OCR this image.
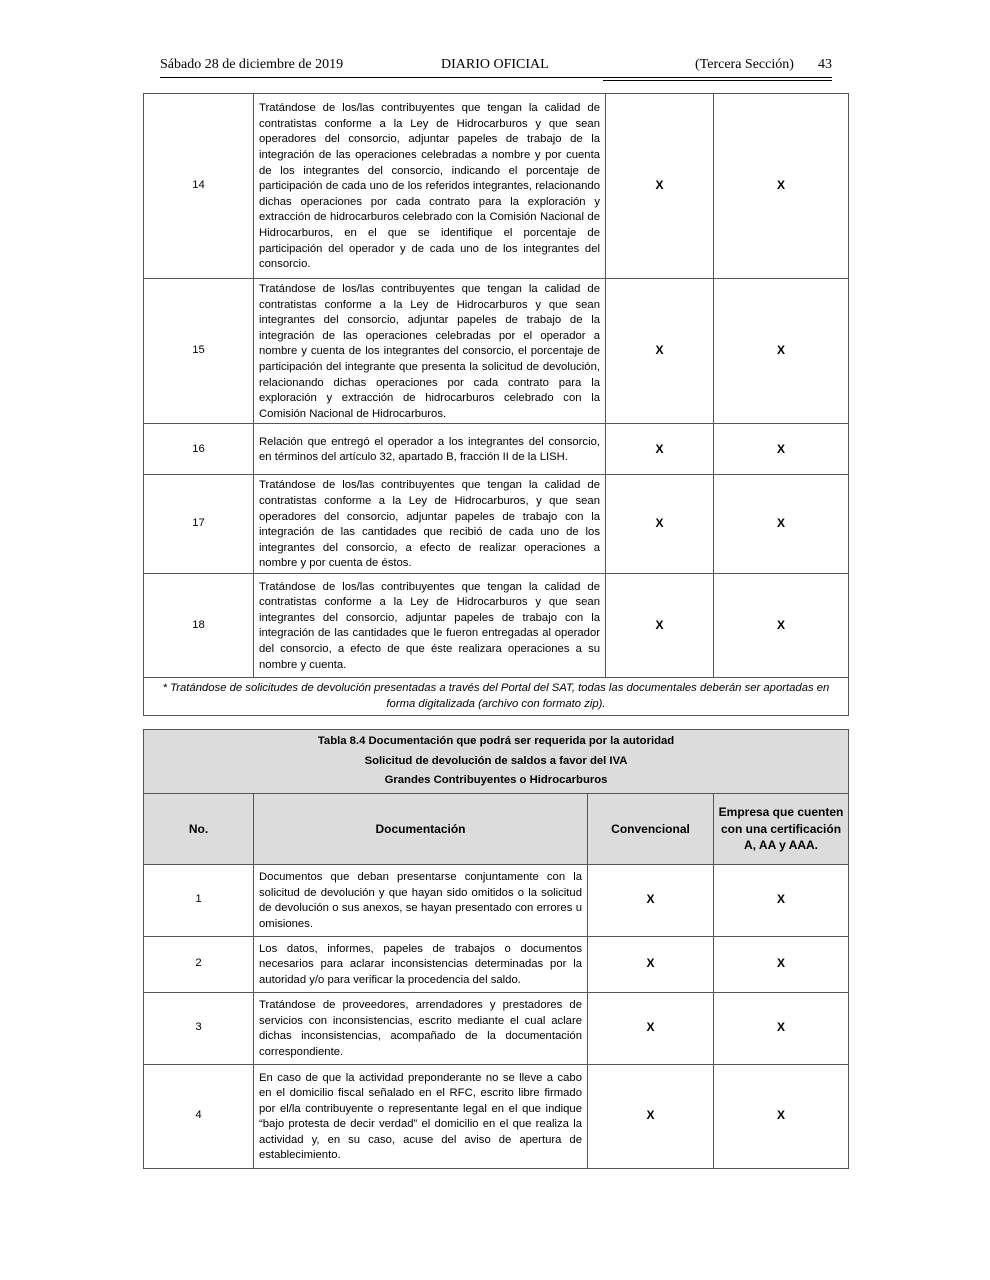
Sábado 28 de diciembre de 2019	DIARIO OFICIAL	(Tercera Sección) 43
14	Tratándose de los/las contribuyentes que tengan la calidad de contratistas conforme a la Ley de Hidrocarburos y que sean operadores del consorcio, adjuntar papeles de trabajo de la integración de las operaciones celebradas a nombre y por cuenta de los integrantes del consorcio, indicando el porcentaje de participación de cada uno de los referidos integrantes, relacionando dichas operaciones por cada contrato para la exploración y extracción de hidrocarburos celebrado con la Comisión Nacional de Hidrocarburos, en el que se identifique el porcentaje de participación del operador y de cada uno de los integrantes del consorcio.	X	X
15	Tratándose de los/las contribuyentes que tengan la calidad de contratistas conforme a la Ley de Hidrocarburos y que sean integrantes del consorcio, adjuntar papeles de trabajo de la integración de las operaciones celebradas por el operador a nombre y cuenta de los integrantes del consorcio, el porcentaje de participación del integrante que presenta la solicitud de devolución, relacionando dichas operaciones por cada contrato para la exploración y extracción de hidrocarburos celebrado con la Comisión Nacional de Hidrocarburos.	X	X
16	Relación que entregó el operador a los integrantes del consorcio, en términos del artículo 32, apartado B, fracción II de la LISH.	X	X
17	Tratándose de los/las contribuyentes que tengan la calidad de contratistas conforme a la Ley de Hidrocarburos, y que sean operadores del consorcio, adjuntar papeles de trabajo con la integración de las cantidades que recibió de cada uno de los integrantes del consorcio, a efecto de realizar operaciones a nombre y por cuenta de éstos.	X	X
18	Tratándose de los/las contribuyentes que tengan la calidad de contratistas conforme a la Ley de Hidrocarburos y que sean integrantes del consorcio, adjuntar papeles de trabajo con la integración de las cantidades que le fueron entregadas al operador del consorcio, a efecto de que éste realizara operaciones a su nombre y cuenta.	X	X
* Tratándose de solicitudes de devolución presentadas a través del Portal del SAT, todas las documentales deberán ser aportadas en forma digitalizada (archivo con formato zip).			
Tabla 8.4 Documentación que podrá ser requerida por la autoridad
Solicitud de devolución de saldos a favor del IVA
Grandes Contribuyentes o Hidrocarburos			

No.	Documentación	Convencional	Empresa que cuenten con una certificación A, AA y AAA.
1	Documentos que deban presentarse conjuntamente con la solicitud de devolución y que hayan sido omitidos o la solicitud de devolución o sus anexos, se hayan presentado con errores u omisiones.	X	X
2	Los datos, informes, papeles de trabajos o documentos necesarios para aclarar inconsistencias determinadas por la autoridad y/o para verificar la procedencia del saldo.	X	X
3	Tratándose de proveedores, arrendadores y prestadores de servicios con inconsistencias, escrito mediante el cual aclare dichas inconsistencias, acompañado de la documentación correspondiente.	X	X
4	En caso de que la actividad preponderante no se lleve a cabo en el domicilio fiscal señalado en el RFC, escrito libre firmado por el/la contribuyente o representante legal en el que indique “bajo protesta de decir verdad” el domicilio en el que realiza la actividad y, en su caso, acuse del aviso de apertura de establecimiento.	X	X
